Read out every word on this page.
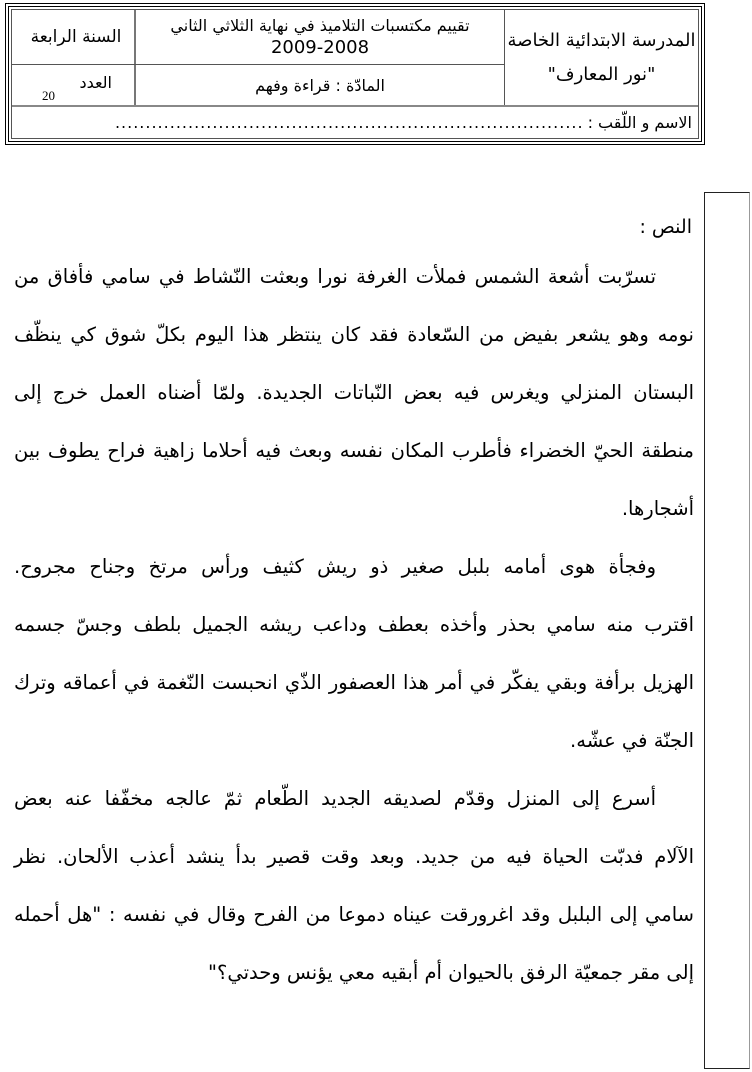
المدرسة الابتدائية الخاصة
"نور المعارف"
تقييم مكتسبات التلاميذ في نهاية الثلاثي الثاني
2009-2008
المادّة : قراءة وفهم
السنة الرابعة
العدد
20
الاسم و اللّقب :
.............................................................................
النص :
تسرّبت أشعة الشمس فملأت الغرفة نورا وبعثت النّشاط في سامي فأفاق من
نومه وهو يشعر بفيض من السّعادة فقد كان ينتظر هذا اليوم بكلّ شوق كي ينظّف
البستان المنزلي ويغرس فيه بعض النّباتات الجديدة. ولمّا أضناه العمل خرج إلى
منطقة الحيّ الخضراء فأطرب المكان نفسه وبعث فيه أحلاما زاهية فراح يطوف بين
أشجارها.
وفجأة هوى أمامه بلبل صغير ذو ريش كثيف ورأس مرتخ وجناح مجروح.
اقترب منه سامي بحذر وأخذه بعطف وداعب ريشه الجميل بلطف وجسّ جسمه
الهزيل برأفة وبقي يفكّر في أمر هذا العصفور الذّي انحبست النّغمة في أعماقه وترك
الجنّة في عشّه.
أسرع إلى المنزل وقدّم لصديقه الجديد الطّعام ثمّ عالجه مخفّفا عنه بعض
الآلام فدبّت الحياة فيه من جديد. وبعد وقت قصير بدأ ينشد أعذب الألحان. نظر
سامي إلى البلبل وقد اغرورقت عيناه دموعا من الفرح وقال في نفسه : "هل أحمله
إلى مقر جمعيّة الرفق بالحيوان أم أبقيه معي يؤنس وحدتي؟"
